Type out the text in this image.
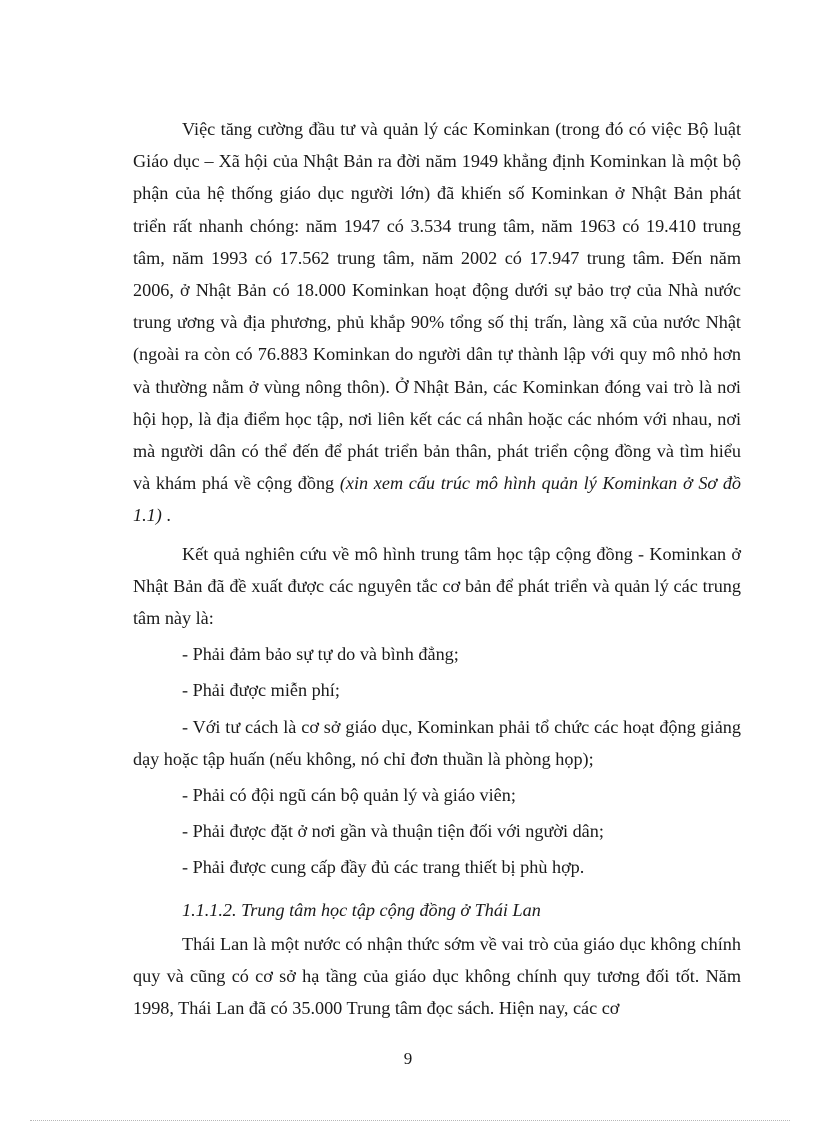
Việc tăng cường đầu tư và quản lý các Kominkan (trong đó có việc Bộ luật Giáo dục – Xã hội của Nhật Bản ra đời năm 1949 khẳng định Kominkan là một bộ phận của hệ thống giáo dục người lớn) đã khiến số Kominkan ở Nhật Bản phát triển rất nhanh chóng: năm 1947 có 3.534 trung tâm, năm 1963 có 19.410 trung tâm, năm 1993 có 17.562 trung tâm, năm 2002 có 17.947 trung tâm. Đến năm 2006, ở Nhật Bản có 18.000 Kominkan hoạt động dưới sự bảo trợ của Nhà nước trung ương và địa phương, phủ khắp 90% tổng số thị trấn, làng xã của nước Nhật (ngoài ra còn có 76.883 Kominkan do người dân tự thành lập với quy mô nhỏ hơn và thường nằm ở vùng nông thôn). Ở Nhật Bản, các Kominkan đóng vai trò là nơi hội họp, là địa điểm học tập, nơi liên kết các cá nhân hoặc các nhóm với nhau, nơi mà người dân có thể đến để phát triển bản thân, phát triển cộng đồng và tìm hiểu và khám phá về cộng đồng (xin xem cấu trúc mô hình quản lý Kominkan ở Sơ đồ 1.1) .

Kết quả nghiên cứu về mô hình trung tâm học tập cộng đồng - Kominkan ở Nhật Bản đã đề xuất được các nguyên tắc cơ bản để phát triển và quản lý các trung tâm này là:

- Phải đảm bảo sự tự do và bình đẳng;

- Phải được miễn phí;

- Với tư cách là cơ sở giáo dục, Kominkan phải tổ chức các hoạt động giảng dạy hoặc tập huấn (nếu không, nó chỉ đơn thuần là phòng họp);

- Phải có đội ngũ cán bộ quản lý và giáo viên;

- Phải được đặt ở nơi gần và thuận tiện đối với người dân;

- Phải được cung cấp đầy đủ các trang thiết bị phù hợp.

1.1.1.2. Trung tâm học tập cộng đồng ở Thái Lan

Thái Lan là một nước có nhận thức sớm về vai trò của giáo dục không chính quy và cũng có cơ sở hạ tầng của giáo dục không chính quy tương đối tốt. Năm 1998, Thái Lan đã có 35.000 Trung tâm đọc sách. Hiện nay, các cơ

9
